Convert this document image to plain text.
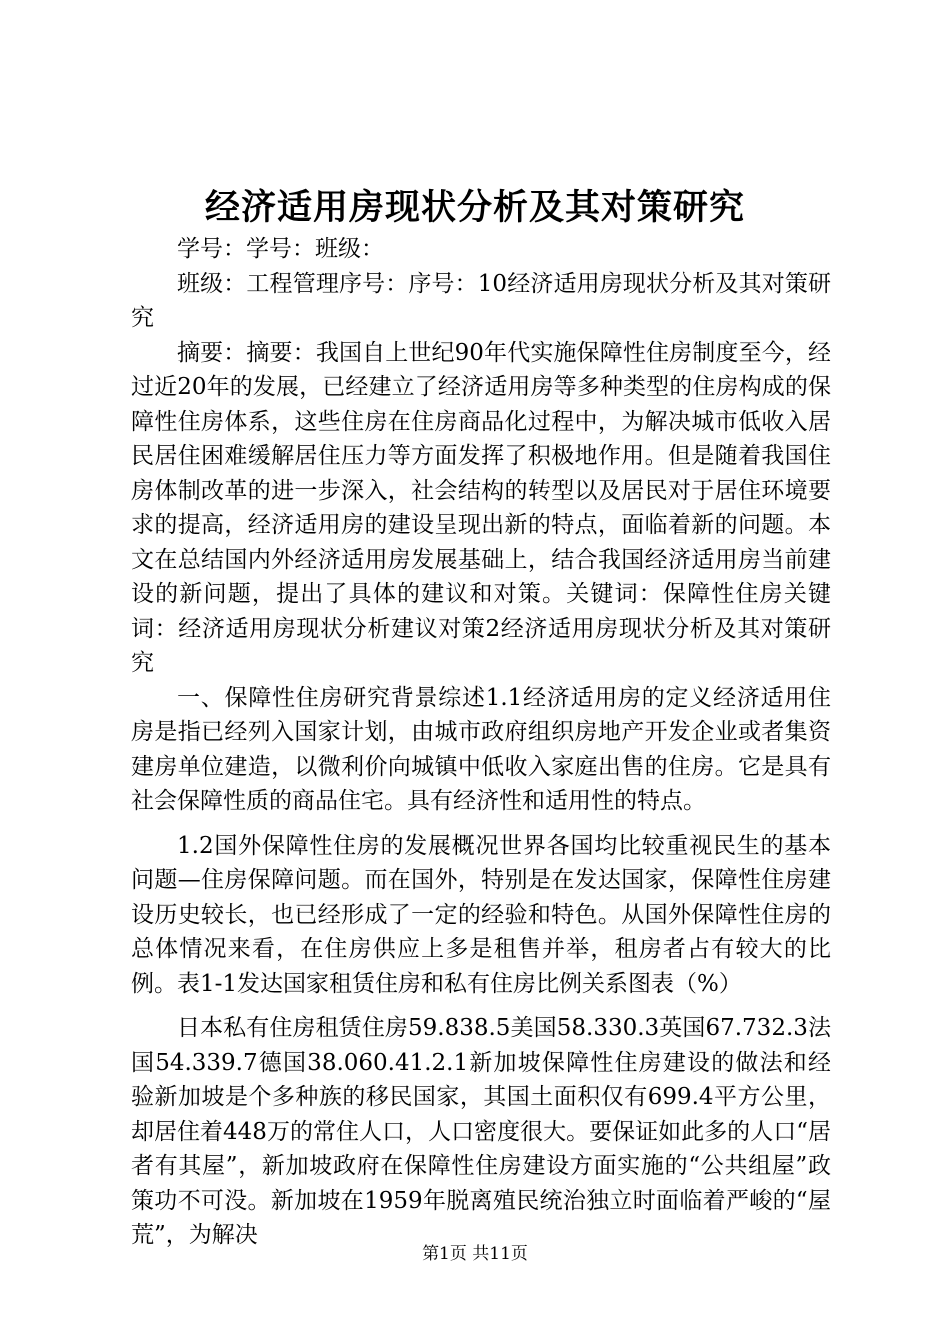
经济适用房现状分析及其对策研究

学号：学号：班级：

班级：工程管理序号：序号：10经济适用房现状分析及其对策研究

摘要：摘要：我国自上世纪90年代实施保障性住房制度至今，经过近20年的发展，已经建立了经济适用房等多种类型的住房构成的保障性住房体系，这些住房在住房商品化过程中，为解决城市低收入居民居住困难缓解居住压力等方面发挥了积极地作用。但是随着我国住房体制改革的进一步深入，社会结构的转型以及居民对于居住环境要求的提高，经济适用房的建设呈现出新的特点，面临着新的问题。本文在总结国内外经济适用房发展基础上，结合我国经济适用房当前建设的新问题，提出了具体的建议和对策。关键词：保障性住房关键词：经济适用房现状分析建议对策2经济适用房现状分析及其对策研究

一、保障性住房研究背景综述1.1经济适用房的定义经济适用住房是指已经列入国家计划，由城市政府组织房地产开发企业或者集资建房单位建造，以微利价向城镇中低收入家庭出售的住房。它是具有社会保障性质的商品住宅。具有经济性和适用性的特点。

1.2国外保障性住房的发展概况世界各国均比较重视民生的基本问题—住房保障问题。而在国外，特别是在发达国家，保障性住房建设历史较长，也已经形成了一定的经验和特色。从国外保障性住房的总体情况来看，在住房供应上多是租售并举，租房者占有较大的比例。表1-1发达国家租赁住房和私有住房比例关系图表（%）

日本私有住房租赁住房59.838.5美国58.330.3英国67.732.3法国54.339.7德国38.060.41.2.1新加坡保障性住房建设的做法和经验新加坡是个多种族的移民国家，其国土面积仅有699.4平方公里，却居住着448万的常住人口，人口密度很大。要保证如此多的人口“居者有其屋”，新加坡政府在保障性住房建设方面实施的“公共组屋”政策功不可没。新加坡在1959年脱离殖民统治独立时面临着严峻的“屋荒”，为解决

第1页 共11页
